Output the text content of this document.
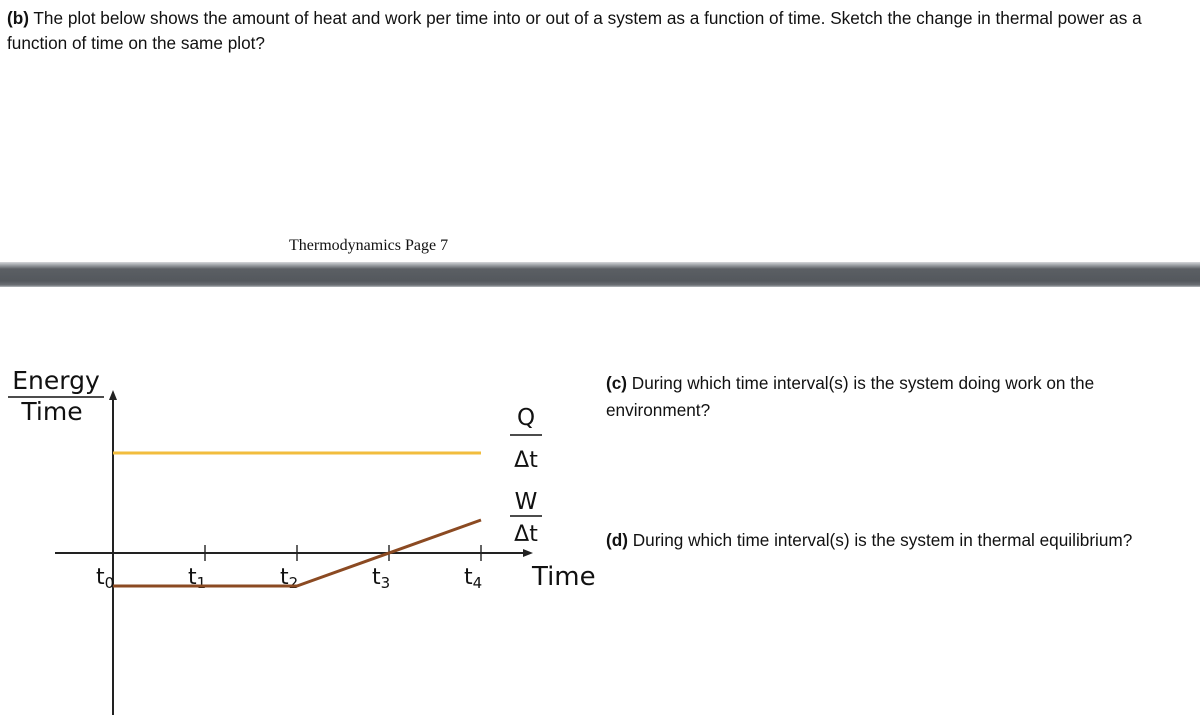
(b) The plot below shows the amount of heat and work per time into or out of a system as a function of time. Sketch the change in thermal power as a function of time on the same plot?
Thermodynamics Page 7
Energy
Time
Time
t0	t1	t2	t3	t4
Q
Δt
W
Δt
(c) During which time interval(s) is the system doing work on the environment?
(d) During which time interval(s) is the system in thermal equilibrium?
